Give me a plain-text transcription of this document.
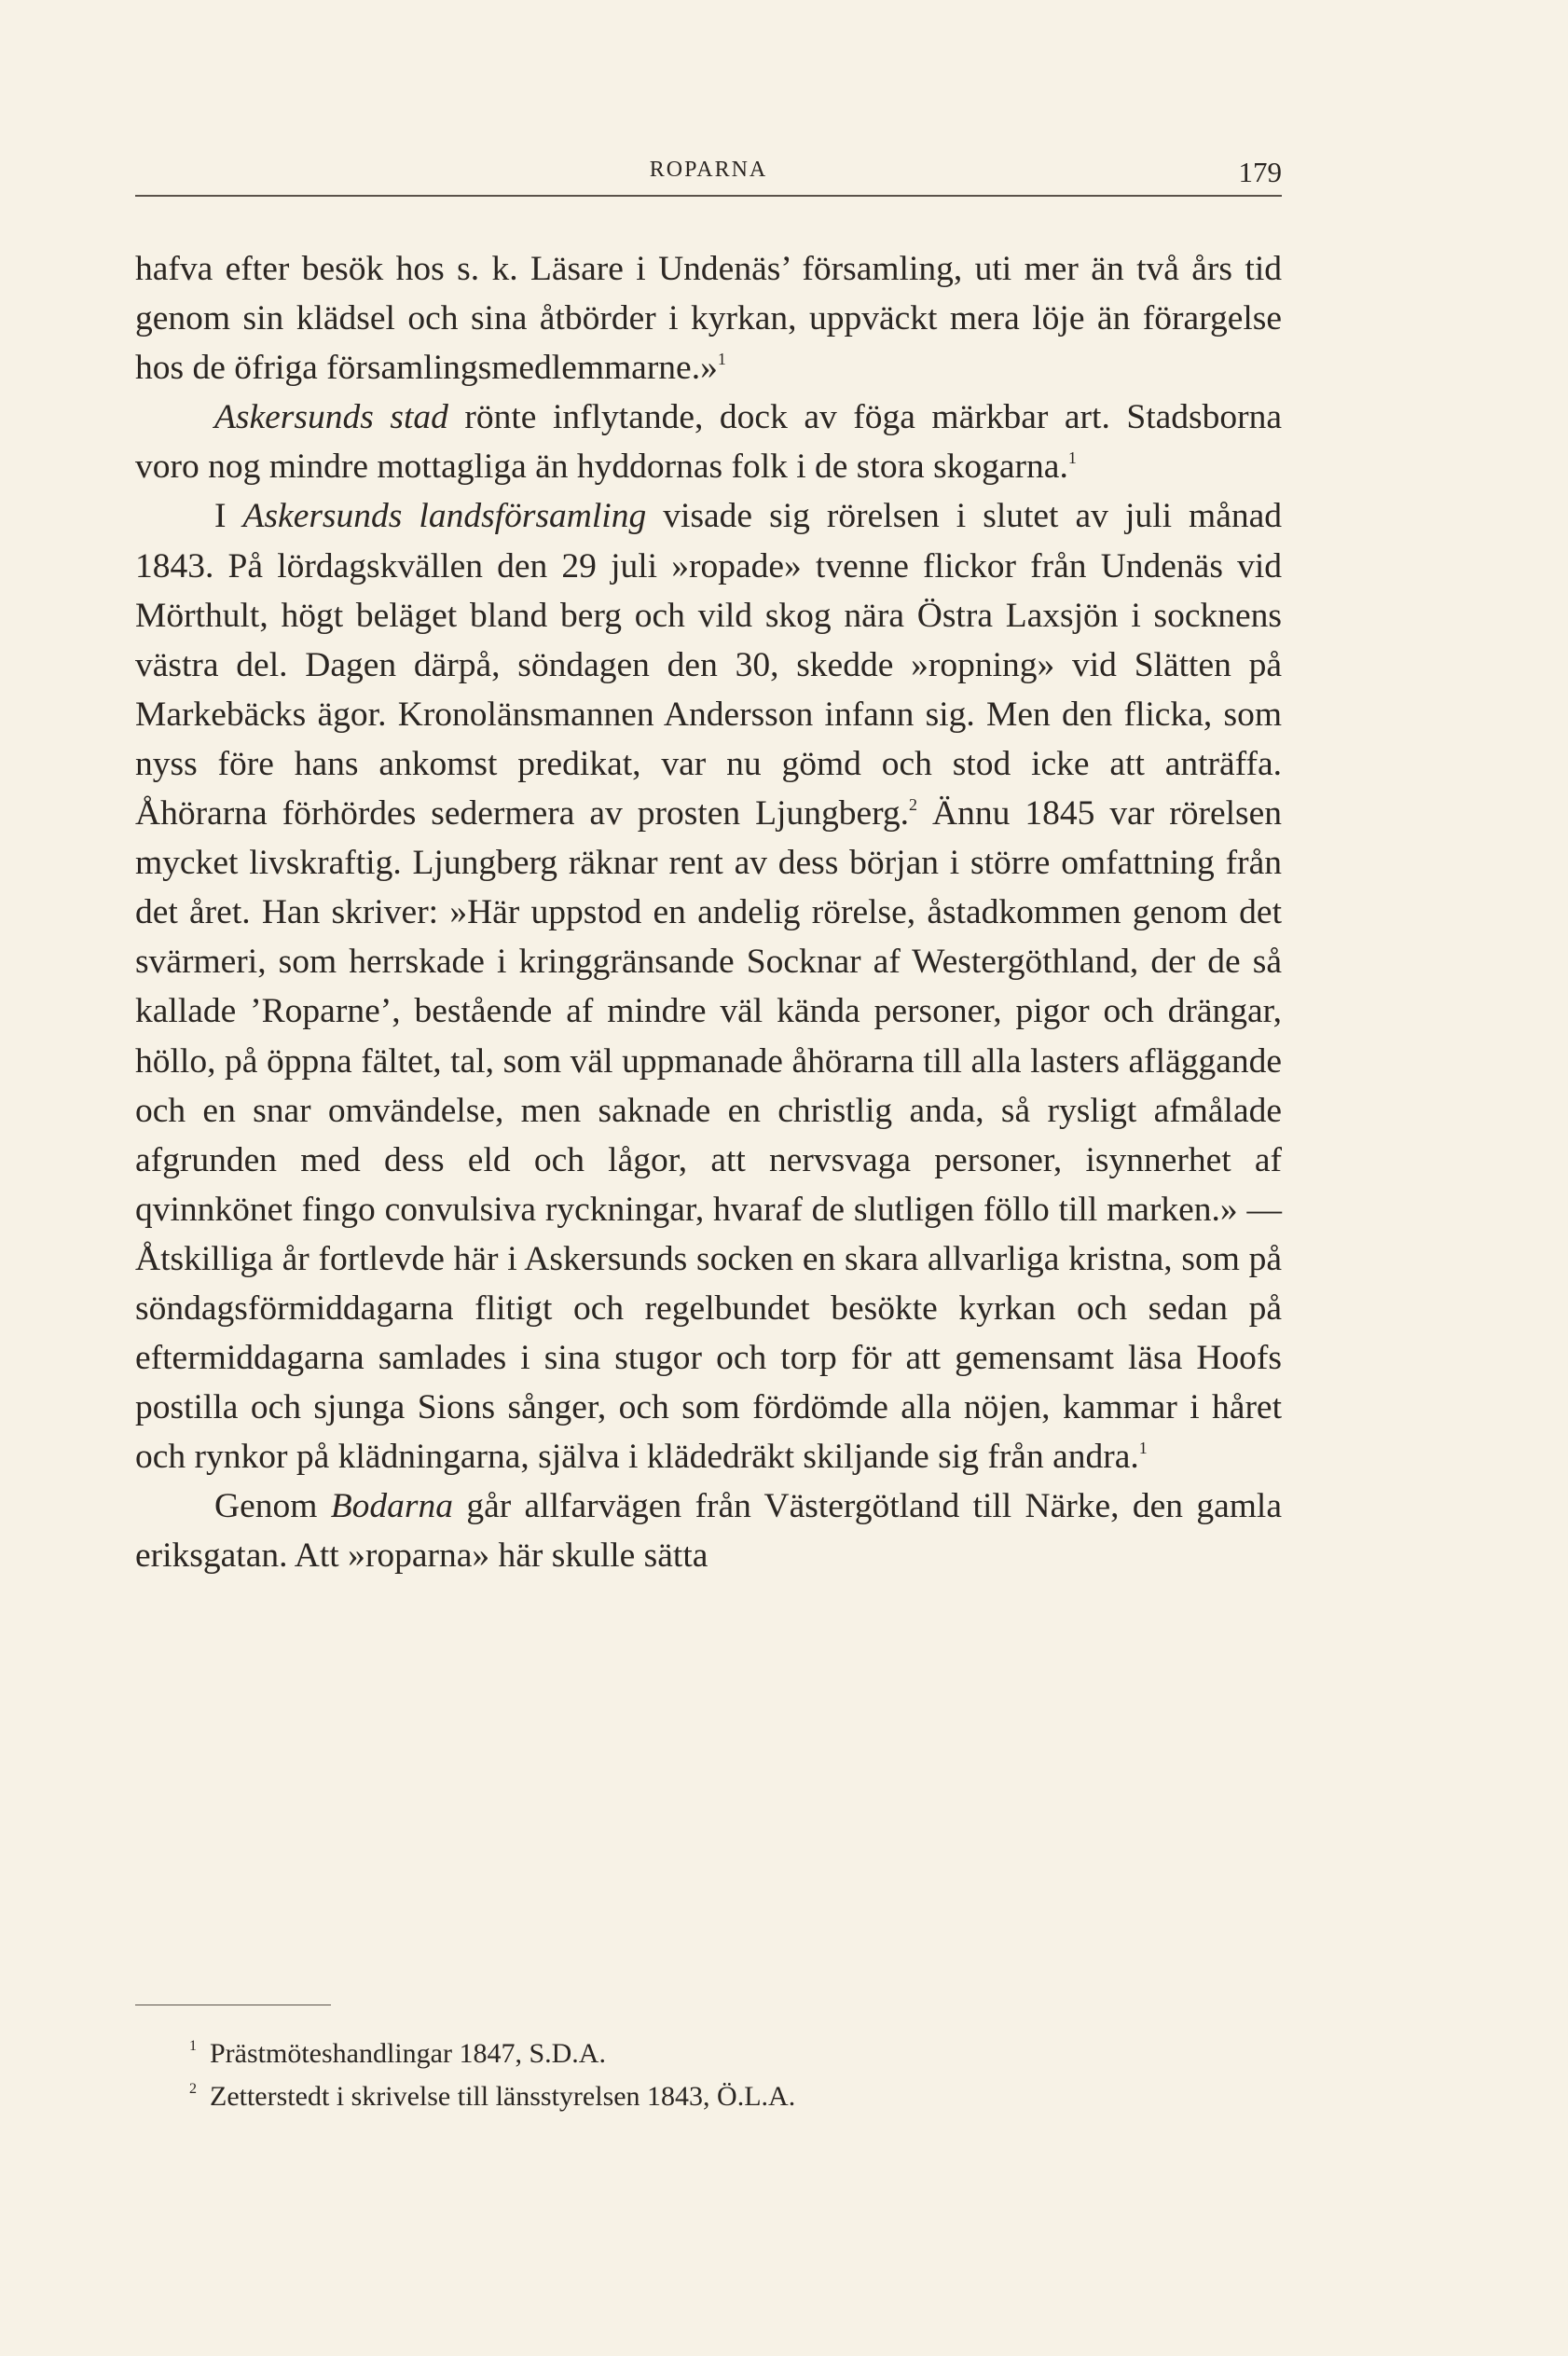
ROPARNA	179

hafva efter besök hos s. k. Läsare i Undenäs’ församling, uti mer än två års tid genom sin klädsel och sina åtbörder i kyrkan, uppväckt mera löje än förargelse hos de öfriga församlingsmedlemmarne.»$^1$

Askersunds stad rönte inflytande, dock av föga märkbar art. Stadsborna voro nog mindre mottagliga än hyddornas folk i de stora skogarna.$^1$

I Askersunds landsförsamling visade sig rörelsen i slutet av juli månad 1843. På lördagskvällen den 29 juli »ropade» tvenne flickor från Undenäs vid Mörthult, högt beläget bland berg och vild skog nära Östra Laxsjön i socknens västra del. Dagen därpå, söndagen den 30, skedde »ropning» vid Slätten på Markebäcks ägor. Kronolänsmannen Andersson infann sig. Men den flicka, som nyss före hans ankomst predikat, var nu gömd och stod icke att anträffa. Åhörarna förhördes sedermera av prosten Ljungberg.$^2$ Ännu 1845 var rörelsen mycket livskraftig. Ljungberg räknar rent av dess början i större omfattning från det året. Han skriver: »Här uppstod en andelig rörelse, åstadkommen genom det svärmeri, som herrskade i kringgränsande Socknar af Westergöthland, der de så kallade ’Roparne’, bestående af mindre väl kända personer, pigor och drängar, höllo, på öppna fältet, tal, som väl uppmanade åhörarna till alla lasters afläggande och en snar omvändelse, men saknade en christlig anda, så rysligt afmålade afgrunden med dess eld och lågor, att nervsvaga personer, isynnerhet af qvinnkönet fingo convulsiva ryckningar, hvaraf de slutligen föllo till marken.» — Åtskilliga år fortlevde här i Askersunds socken en skara allvarliga kristna, som på söndagsförmiddagarna flitigt och regelbundet besökte kyrkan och sedan på eftermiddagarna samlades i sina stugor och torp för att gemensamt läsa Hoofs postilla och sjunga Sions sånger, och som fördömde alla nöjen, kammar i håret och rynkor på klädningarna, själva i klädedräkt skiljande sig från andra.$^1$

Genom Bodarna går allfarvägen från Västergötland till Närke, den gamla eriksgatan. Att »roparna» här skulle sätta

1 Prästmöteshandlingar 1847, S.D.A.
2 Zetterstedt i skrivelse till länsstyrelsen 1843, Ö.L.A.
